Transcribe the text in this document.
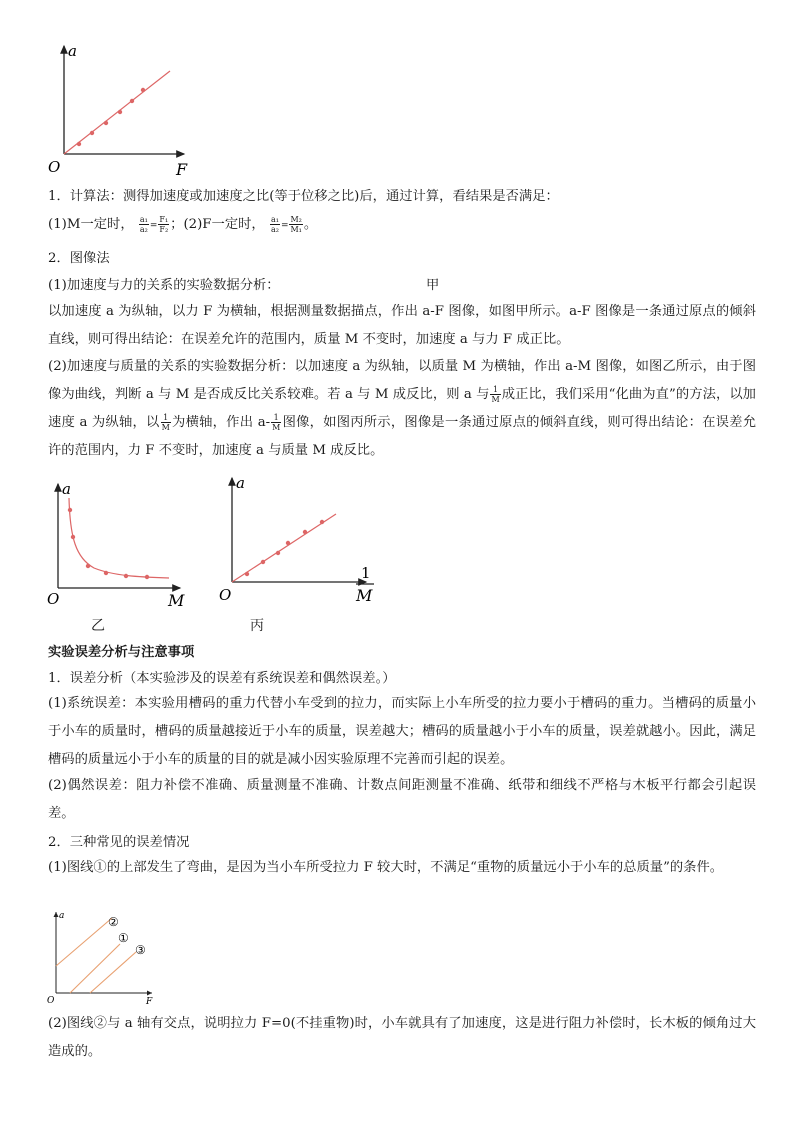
a
F
O
1．计算法：测得加速度或加速度之比(等于位移之比)后，通过计算，看结果是否满足：
(1)M一定时， $\frac{\text{a₁}}{\text{a₂}} = \frac{\text{F₁}}{\text{F₂}}$ ；(2)F一定时， $\frac{\text{a₁}}{\text{a₂}} = \frac{\text{M₂}}{\text{M₁}}$ 。
2．图像法
(1)加速度与力的关系的实验数据分析：	甲
以加速度 a 为纵轴，以力 F 为横轴，根据测量数据描点，作出 a-F 图像，如图甲所示。a-F 图像是一条通过原点的倾斜直线，则可得出结论：在误差允许的范围内，质量 M 不变时，加速度 a 与力 F 成正比。
(2)加速度与质量的关系的实验数据分析：以加速度 a 为纵轴，以质量 M 为横轴，作出 a-M 图像，如图乙所示，由于图像为曲线，判断 a 与 M 是否成反比关系较难。若 a 与 M 成反比，则 a 与 $\frac{1}{M}$ 成正比，我们采用“化曲为直”的方法，以加速度 a 为纵轴，以 $\frac{1}{M}$ 为横轴，作出 $a- \frac{1}{M}$ 图像，如图丙所示，图像是一条通过原点的倾斜直线，则可得出结论：在误差允许的范围内，力 F 不变时，加速度 a 与质量 M 成反比。
a
M
O
乙
a
1
M
O
丙
实验误差分析与注意事项
1．误差分析（本实验涉及的误差有系统误差和偶然误差。）
(1)系统误差：本实验用槽码的重力代替小车受到的拉力，而实际上小车所受的拉力要小于槽码的重力。当槽码的质量小于小车的质量时，槽码的质量越接近于小车的质量，误差越大；槽码的质量越小于小车的质量，误差就越小。因此，满足槽码的质量远小于小车的质量的目的就是减小因实验原理不完善而引起的误差。
(2)偶然误差：阻力补偿不准确、质量测量不准确、计数点间距测量不准确、纸带和细线不严格与木板平行都会引起误差。
2．三种常见的误差情况
(1)图线①的上部发生了弯曲，是因为当小车所受拉力 F 较大时，不满足“重物的质量远小于小车的总质量”的条件。
a
F
O
②
①
③
(2)图线②与 a 轴有交点，说明拉力 F=0(不挂重物)时，小车就具有了加速度，这是进行阻力补偿时，长木板的倾角过大造成的。
